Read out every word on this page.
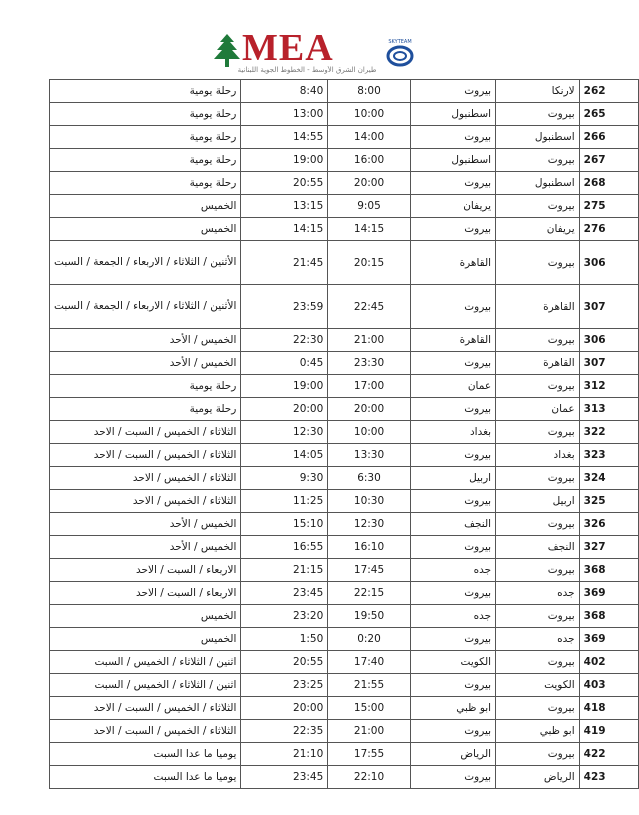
MEA
طيران الشرق الأوسط - الخطوط الجوية اللبنانية
SKYTEAM
262	لارنكا	بيروت	8:00	8:40	رحلة يومية
265	بيروت	اسطنبول	10:00	13:00	رحلة يومية
266	اسطنبول	بيروت	14:00	14:55	رحلة يومية
267	بيروت	اسطنبول	16:00	19:00	رحلة يومية
268	اسطنبول	بيروت	20:00	20:55	رحلة يومية
275	بيروت	يريفان	9:05	13:15	الخميس
276	يريفان	بيروت	14:15	14:15	الخميس
306	بيروت	القاهرة	20:15	21:45	الأثنين / الثلاثاء / الاربعاء / الجمعة / السبت
307	القاهرة	بيروت	22:45	23:59	الأثنين / الثلاثاء / الاربعاء / الجمعة / السبت
306	بيروت	القاهرة	21:00	22:30	الخميس / الأحد
307	القاهرة	بيروت	23:30	0:45	الخميس / الأحد
312	بيروت	عمان	17:00	19:00	رحلة يومية
313	عمان	بيروت	20:00	20:00	رحلة يومية
322	بيروت	بغداد	10:00	12:30	الثلاثاء / الخميس / السبت / الاحد
323	بغداد	بيروت	13:30	14:05	الثلاثاء / الخميس / السبت / الاحد
324	بيروت	اربيل	6:30	9:30	الثلاثاء / الخميس / الاحد
325	اربيل	بيروت	10:30	11:25	الثلاثاء / الخميس / الاحد
326	بيروت	النجف	12:30	15:10	الخميس / الأحد
327	النجف	بيروت	16:10	16:55	الخميس / الأحد
368	بيروت	جده	17:45	21:15	الاربعاء / السبت / الاحد
369	جده	بيروت	22:15	23:45	الاربعاء / السبت / الاحد
368	بيروت	جده	19:50	23:20	الخميس
369	جده	بيروت	0:20	1:50	الخميس
402	بيروت	الكويت	17:40	20:55	اثنين / الثلاثاء / الخميس / السبت
403	الكويت	بيروت	21:55	23:25	اثنين / الثلاثاء / الخميس / السبت
418	بيروت	ابو ظبي	15:00	20:00	الثلاثاء / الخميس / السبت / الاحد
419	ابو ظبي	بيروت	21:00	22:35	الثلاثاء / الخميس / السبت / الاحد
422	بيروت	الرياض	17:55	21:10	يوميا ما عدا السبت
423	الرياض	بيروت	22:10	23:45	يوميا ما عدا السبت
